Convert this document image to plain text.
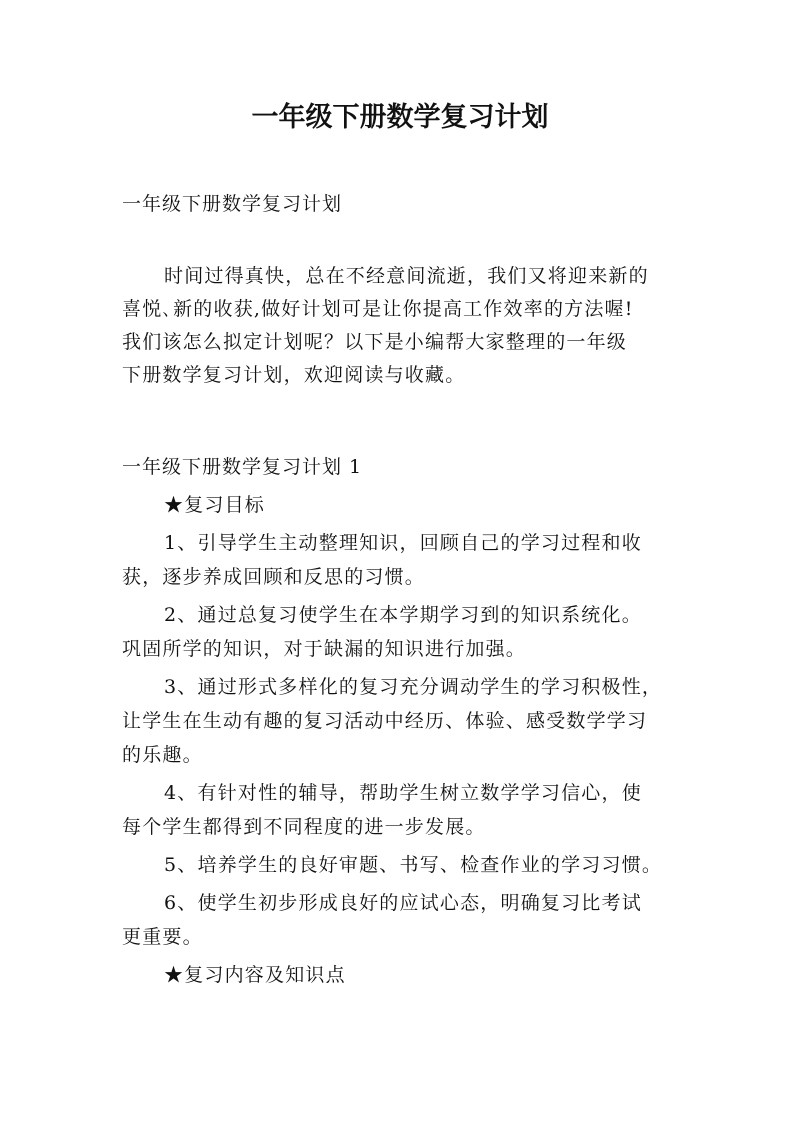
一年级下册数学复习计划

一年级下册数学复习计划

时间过得真快，总在不经意间流逝，我们又将迎来新的
喜悦､新的收获,做好计划可是让你提高工作效率的方法喔!
我们该怎么拟定计划呢？以下是小编帮大家整理的一年级
下册数学复习计划，欢迎阅读与收藏。

一年级下册数学复习计划 1

★复习目标

1、引导学生主动整理知识，回顾自己的学习过程和收
获，逐步养成回顾和反思的习惯。

2、通过总复习使学生在本学期学习到的知识系统化。
巩固所学的知识，对于缺漏的知识进行加强。

3、通过形式多样化的复习充分调动学生的学习积极性，
让学生在生动有趣的复习活动中经历、体验、感受数学学习
的乐趣。

4、有针对性的辅导，帮助学生树立数学学习信心，使
每个学生都得到不同程度的进一步发展。

5、培养学生的良好审题、书写、检查作业的学习习惯。

6、使学生初步形成良好的应试心态，明确复习比考试
更重要。

★复习内容及知识点
